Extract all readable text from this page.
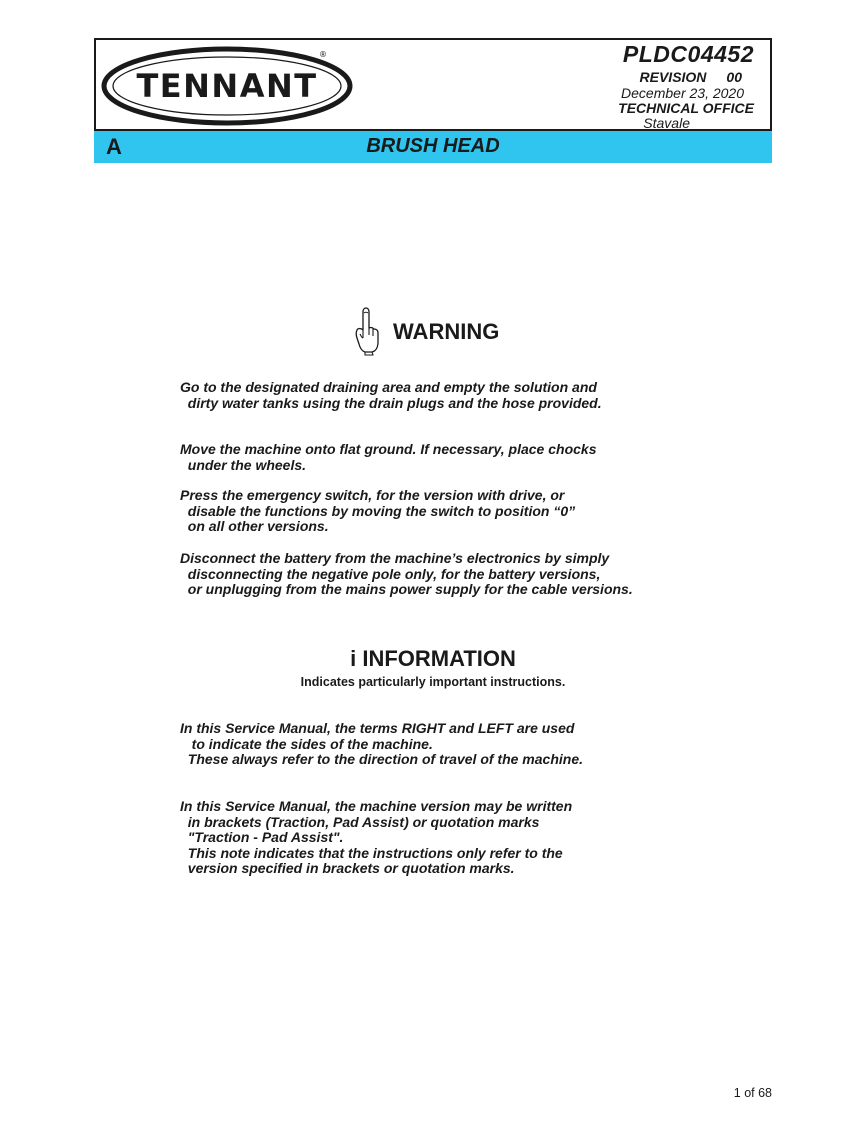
TENNANT
®	PLDC04452
REVISION 00
December 23, 2020
TECHNICAL OFFICE
Stavale
A	BRUSH HEAD
WARNING

Go to the designated draining area and empty the solution and
dirty water tanks using the drain plugs and the hose provided.

Move the machine onto flat ground. If necessary, place chocks
under the wheels.

Press the emergency switch, for the version with drive, or
disable the functions by moving the switch to position “0”
on all other versions.

Disconnect the battery from the machine’s electronics by simply
disconnecting the negative pole only, for the battery versions,
or unplugging from the mains power supply for the cable versions.

i INFORMATION
Indicates particularly important instructions.

In this Service Manual, the terms RIGHT and LEFT are used
to indicate the sides of the machine.
These always refer to the direction of travel of the machine.

In this Service Manual, the machine version may be written
in brackets (Traction, Pad Assist) or quotation marks
"Traction - Pad Assist".
This note indicates that the instructions only refer to the
version specified in brackets or quotation marks.

1 of 68
